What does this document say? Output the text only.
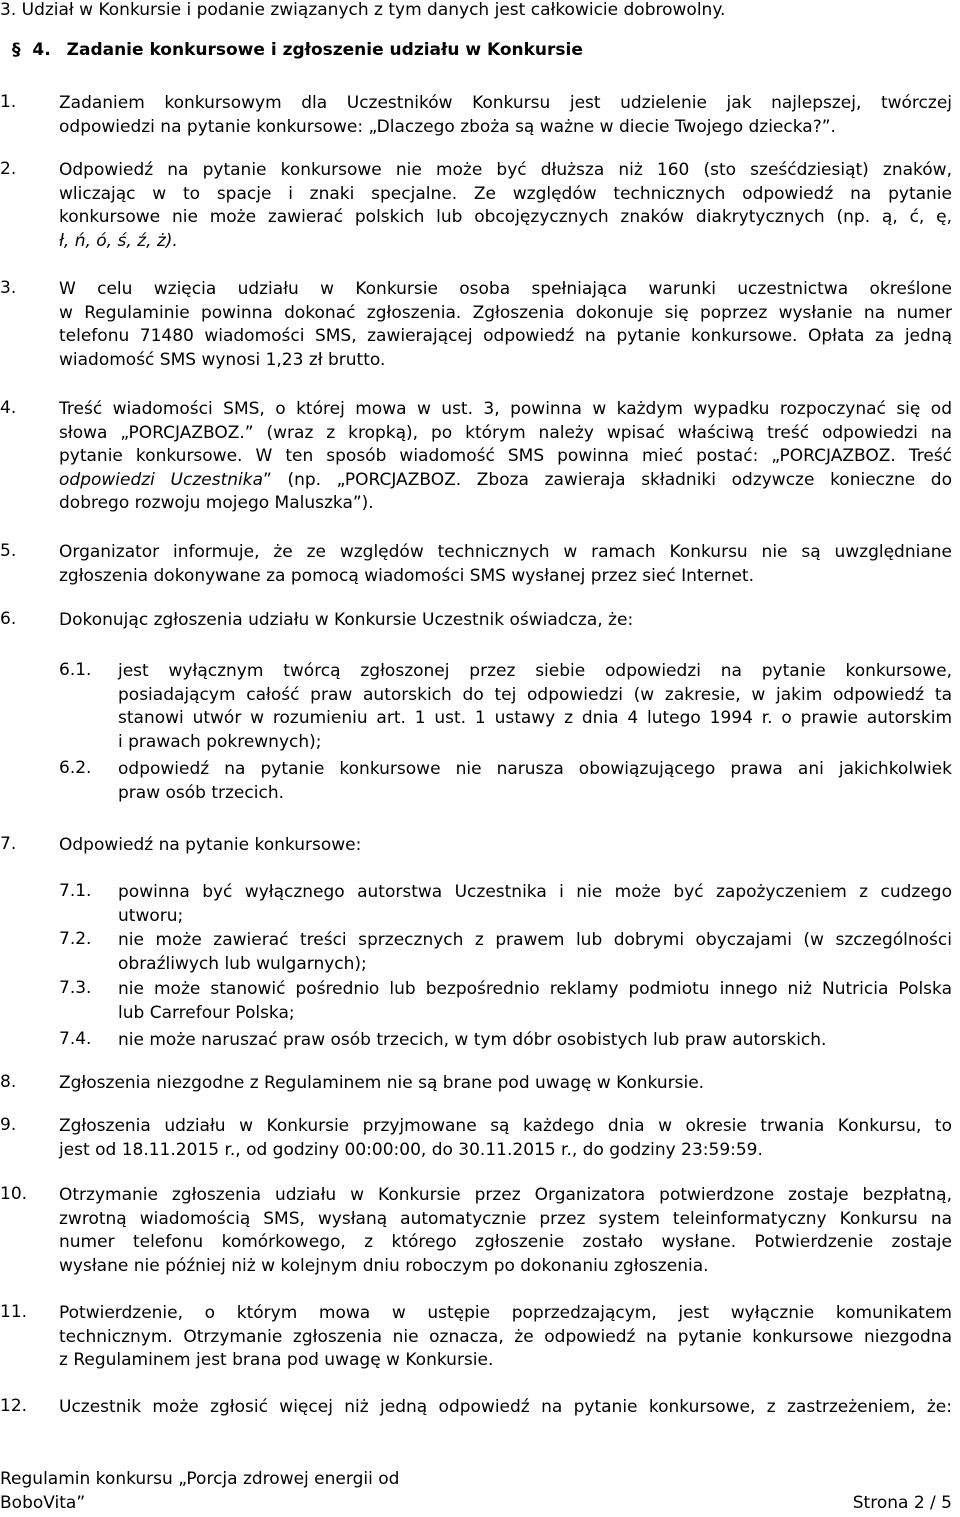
3. Udział w Konkursie i podanie związanych z tym danych jest całkowicie dobrowolny.
§ 4. Zadanie konkursowe i zgłoszenie udziału w Konkursie
1.	Zadaniem konkursowym dla Uczestników Konkursu jest udzielenie jak najlepszej, twórczej
odpowiedzi na pytanie konkursowe: „Dlaczego zboża są ważne w diecie Twojego dziecka?”.
2.	Odpowiedź na pytanie konkursowe nie może być dłuższa niż 160 (sto sześćdziesiąt) znaków,
wliczając w to spacje i znaki specjalne. Ze względów technicznych odpowiedź na pytanie
konkursowe nie może zawierać polskich lub obcojęzycznych znaków diakrytycznych (np. ą, ć, ę,
ł, ń, ó, ś, ź, ż).
3.	W celu wzięcia udziału w Konkursie osoba spełniająca warunki uczestnictwa określone
w Regulaminie powinna dokonać zgłoszenia. Zgłoszenia dokonuje się poprzez wysłanie na numer
telefonu 71480 wiadomości SMS, zawierającej odpowiedź na pytanie konkursowe. Opłata za jedną
wiadomość SMS wynosi 1,23 zł brutto.
4.	Treść wiadomości SMS, o której mowa w ust. 3, powinna w każdym wypadku rozpoczynać się od
słowa „PORCJAZBOZ.” (wraz z kropką), po którym należy wpisać właściwą treść odpowiedzi na
pytanie konkursowe. W ten sposób wiadomość SMS powinna mieć postać: „PORCJAZBOZ. Treść
odpowiedzi Uczestnika” (np. „PORCJAZBOZ. Zboza zawieraja składniki odzywcze konieczne do
dobrego rozwoju mojego Maluszka”).
5.	Organizator informuje, że ze względów technicznych w ramach Konkursu nie są uwzględniane
zgłoszenia dokonywane za pomocą wiadomości SMS wysłanej przez sieć Internet.
6.	Dokonując zgłoszenia udziału w Konkursie Uczestnik oświadcza, że:
6.1. jest wyłącznym twórcą zgłoszonej przez siebie odpowiedzi na pytanie konkursowe,
posiadającym całość praw autorskich do tej odpowiedzi (w zakresie, w jakim odpowiedź ta
stanowi utwór w rozumieniu art. 1 ust. 1 ustawy z dnia 4 lutego 1994 r. o prawie autorskim
i prawach pokrewnych);
6.2. odpowiedź na pytanie konkursowe nie narusza obowiązującego prawa ani jakichkolwiek
praw osób trzecich.
7.	Odpowiedź na pytanie konkursowe:
7.1. powinna być wyłącznego autorstwa Uczestnika i nie może być zapożyczeniem z cudzego
utworu;
7.2. nie może zawierać treści sprzecznych z prawem lub dobrymi obyczajami (w szczególności
obraźliwych lub wulgarnych);
7.3. nie może stanowić pośrednio lub bezpośrednio reklamy podmiotu innego niż Nutricia Polska
lub Carrefour Polska;
7.4. nie może naruszać praw osób trzecich, w tym dóbr osobistych lub praw autorskich.
8.	Zgłoszenia niezgodne z Regulaminem nie są brane pod uwagę w Konkursie.
9.	Zgłoszenia udziału w Konkursie przyjmowane są każdego dnia w okresie trwania Konkursu, to
jest od 18.11.2015 r., od godziny 00:00:00, do 30.11.2015 r., do godziny 23:59:59.
10. Otrzymanie zgłoszenia udziału w Konkursie przez Organizatora potwierdzone zostaje bezpłatną,
zwrotną wiadomością SMS, wysłaną automatycznie przez system teleinformatyczny Konkursu na
numer telefonu komórkowego, z którego zgłoszenie zostało wysłane. Potwierdzenie zostaje
wysłane nie później niż w kolejnym dniu roboczym po dokonaniu zgłoszenia.
11. Potwierdzenie, o którym mowa w ustępie poprzedzającym, jest wyłącznie komunikatem
technicznym. Otrzymanie zgłoszenia nie oznacza, że odpowiedź na pytanie konkursowe niezgodna
z Regulaminem jest brana pod uwagę w Konkursie.
12. Uczestnik może zgłosić więcej niż jedną odpowiedź na pytanie konkursowe, z zastrzeżeniem, że:
Regulamin konkursu „Porcja zdrowej energii od
BoboVita”	Strona 2 / 5
